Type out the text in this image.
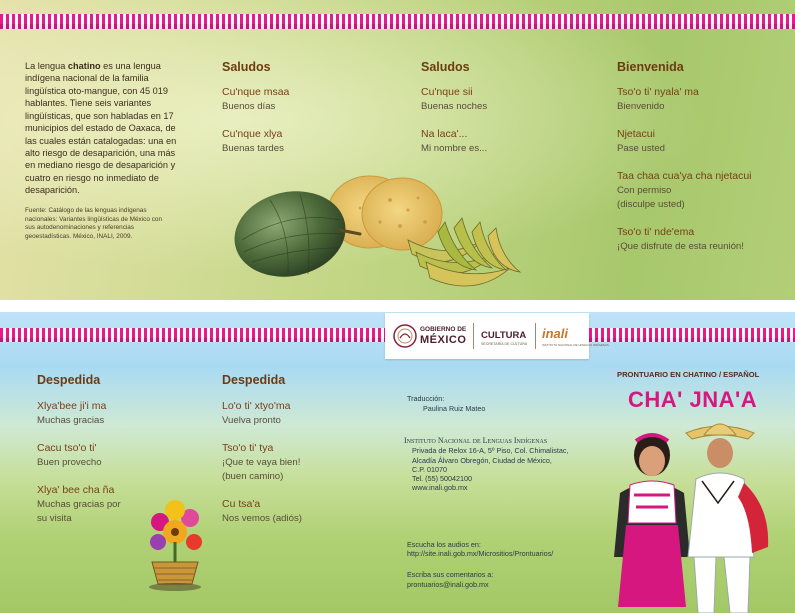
La lengua chatino es una lengua indígena nacional de la familia lingüística oto-mangue, con 45 019 hablantes. Tiene seis variantes lingüísticas, que son habladas en 17 municipios del estado de Oaxaca, de las cuales están catalogadas: una en alto riesgo de desaparición, una más en mediano riesgo de desaparición y cuatro en riesgo no inmediato de desaparición.
Fuente: Catálogo de las lenguas indígenas nacionales: Variantes lingüísticas de México con sus autodenominaciones y referencias geoestadísticas. México, INALI, 2009.
Saludos
Cu'nque msaa
Buenos días
Cu'nque xlya
Buenas tardes
Saludos
Cu'nque sii
Buenas noches
Na laca'...
Mi nombre es...
Bienvenida
Tso'o ti' nyala' ma
Bienvenido
Njetacui
Pase usted
Taa chaa cua'ya cha njetacui
Con permiso
(disculpe usted)
Tso'o ti' nde'ema
¡Que disfrute de esta reunión!
Despedida
Xlya'bee ji'i ma
Muchas gracias
Cacu tso'o ti'
Buen provecho
Xlya' bee cha ña
Muchas gracias por
su visita
Despedida
Lo'o ti' xtyo'ma
Vuelva pronto
Tso'o ti' tya
¡Que te vaya bien!
(buen camino)
Cu tsa'a
Nos vemos (adiós)
Traducción:
Paulina Ruiz Mateo
Instituto Nacional de Lenguas Indígenas
Privada de Relox 16-A, 5º Piso, Col. Chimalistac,
Alcadía Álvaro Obregón, Ciudad de México,
C.P. 01070
Tel. (55) 50042100
www.inali.gob.mx
Escucha los audios en:
http://site.inali.gob.mx/Micrositios/Prontuarios/
Escriba sus comentarios a:
prontuarios@inali.gob.mx
PRONTUARIO EN CHATINO / ESPAÑOL
CHA' JNA'A
GOBIERNO DE
MÉXICO CULTURA
SECRETARÍA DE CULTURA
inali
INSTITUTO NACIONAL DE LENGUAS INDÍGENAS
